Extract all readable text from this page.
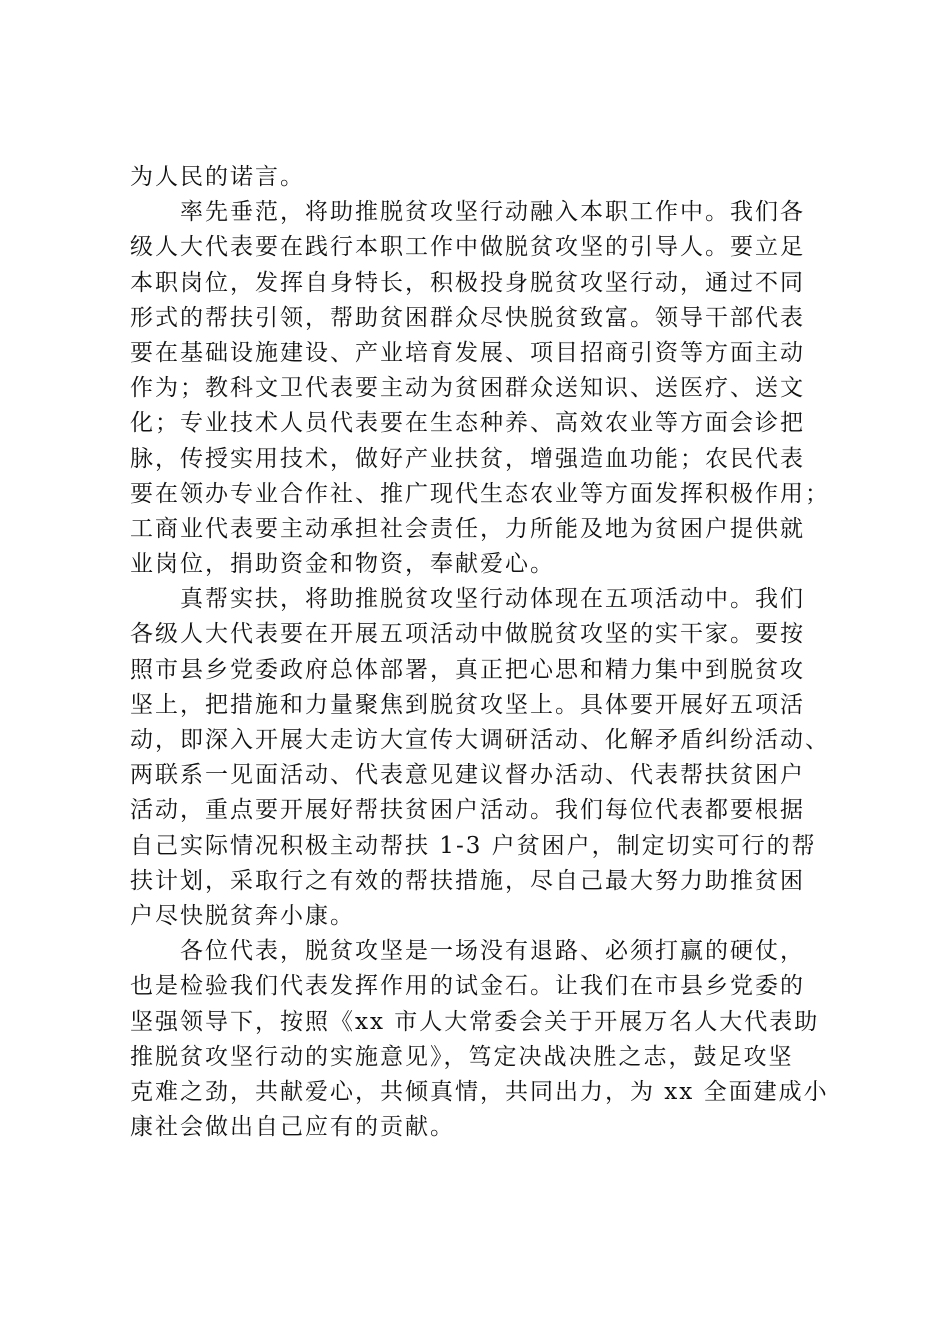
为人民的诺言。
率先垂范，将助推脱贫攻坚行动融入本职工作中。我们各
级人大代表要在践行本职工作中做脱贫攻坚的引导人。要立足
本职岗位，发挥自身特长，积极投身脱贫攻坚行动，通过不同
形式的帮扶引领，帮助贫困群众尽快脱贫致富。领导干部代表
要在基础设施建设、产业培育发展、项目招商引资等方面主动
作为；教科文卫代表要主动为贫困群众送知识、送医疗、送文
化；专业技术人员代表要在生态种养、高效农业等方面会诊把
脉，传授实用技术，做好产业扶贫，增强造血功能；农民代表
要在领办专业合作社、推广现代生态农业等方面发挥积极作用；
工商业代表要主动承担社会责任，力所能及地为贫困户提供就
业岗位，捐助资金和物资，奉献爱心。
真帮实扶，将助推脱贫攻坚行动体现在五项活动中。我们
各级人大代表要在开展五项活动中做脱贫攻坚的实干家。要按
照市县乡党委政府总体部署，真正把心思和精力集中到脱贫攻
坚上，把措施和力量聚焦到脱贫攻坚上。具体要开展好五项活
动，即深入开展大走访大宣传大调研活动、化解矛盾纠纷活动、
两联系一见面活动、代表意见建议督办活动、代表帮扶贫困户
活动，重点要开展好帮扶贫困户活动。我们每位代表都要根据
自己实际情况积极主动帮扶 1-3 户贫困户，制定切实可行的帮
扶计划，采取行之有效的帮扶措施，尽自己最大努力助推贫困
户尽快脱贫奔小康。
各位代表，脱贫攻坚是一场没有退路、必须打赢的硬仗，
也是检验我们代表发挥作用的试金石。让我们在市县乡党委的
坚强领导下，按照《xx 市人大常委会关于开展万名人大代表助
推脱贫攻坚行动的实施意见》，笃定决战决胜之志，鼓足攻坚
克难之劲，共献爱心，共倾真情，共同出力，为 xx 全面建成小
康社会做出自己应有的贡献。
